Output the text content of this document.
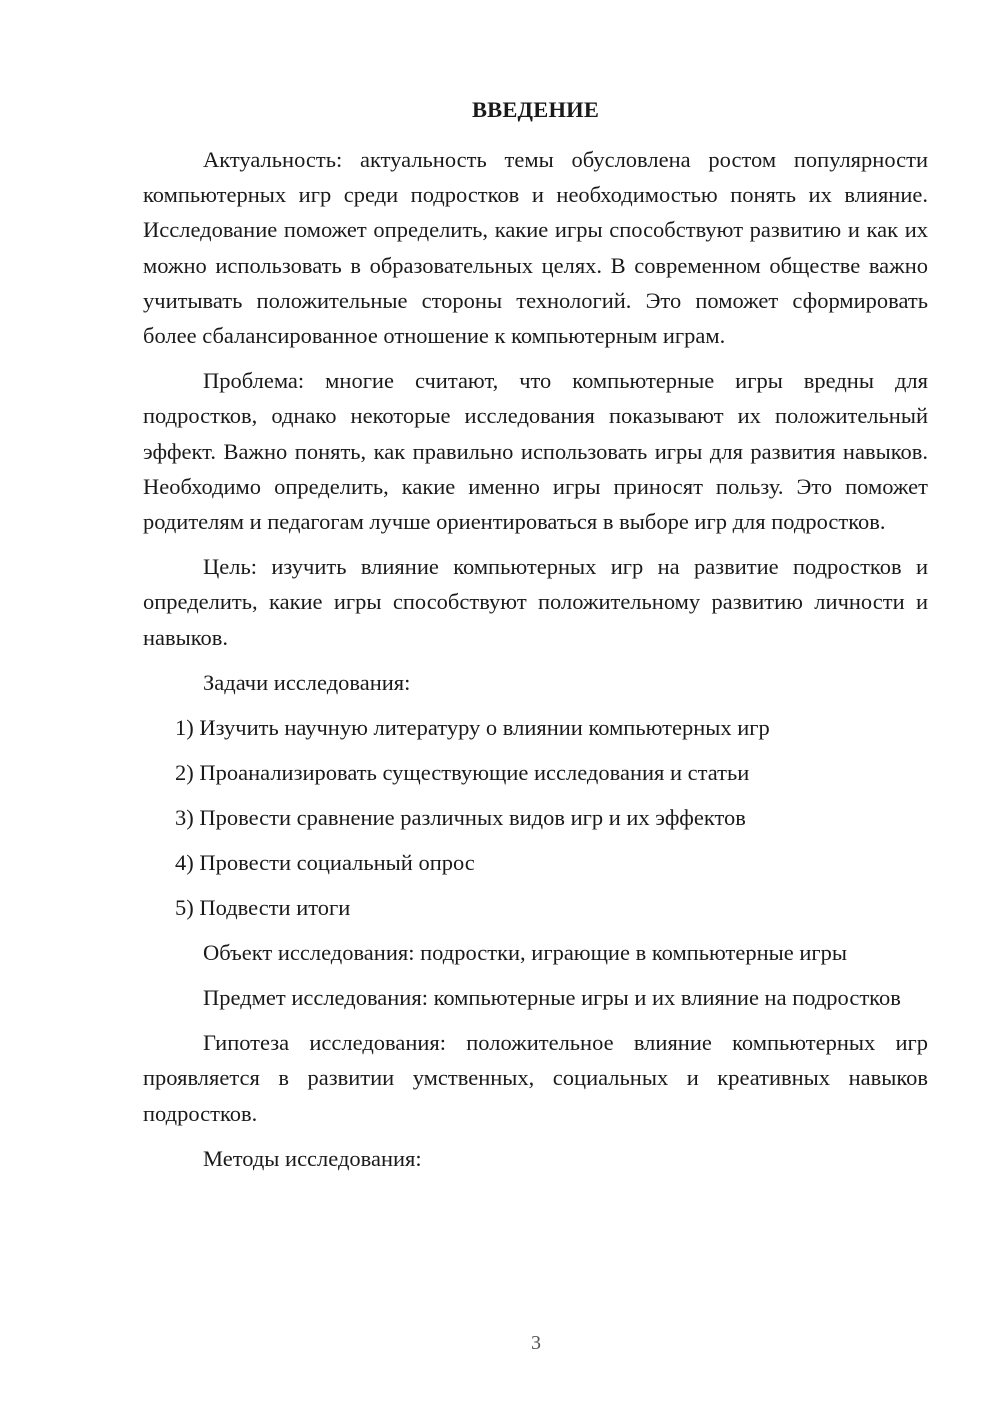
ВВЕДЕНИЕ

Актуальность: актуальность темы обусловлена ростом популярности компьютерных игр среди подростков и необходимостью понять их влияние. Исследование поможет определить, какие игры способствуют развитию и как их можно использовать в образовательных целях. В современном обществе важно учитывать положительные стороны технологий. Это поможет сформировать более сбалансированное отношение к компьютерным играм.

Проблема: многие считают, что компьютерные игры вредны для подростков, однако некоторые исследования показывают их положительный эффект. Важно понять, как правильно использовать игры для развития навыков. Необходимо определить, какие именно игры приносят пользу. Это поможет родителям и педагогам лучше ориентироваться в выборе игр для подростков.

Цель: изучить влияние компьютерных игр на развитие подростков и определить, какие игры способствуют положительному развитию личности и навыков.

Задачи исследования:
1) Изучить научную литературу о влиянии компьютерных игр
2) Проанализировать существующие исследования и статьи
3) Провести сравнение различных видов игр и их эффектов
4) Провести социальный опрос
5) Подвести итоги

Объект исследования: подростки, играющие в компьютерные игры

Предмет исследования: компьютерные игры и их влияние на подростков

Гипотеза исследования: положительное влияние компьютерных игр проявляется в развитии умственных, социальных и креативных навыков подростков.

Методы исследования:

3
